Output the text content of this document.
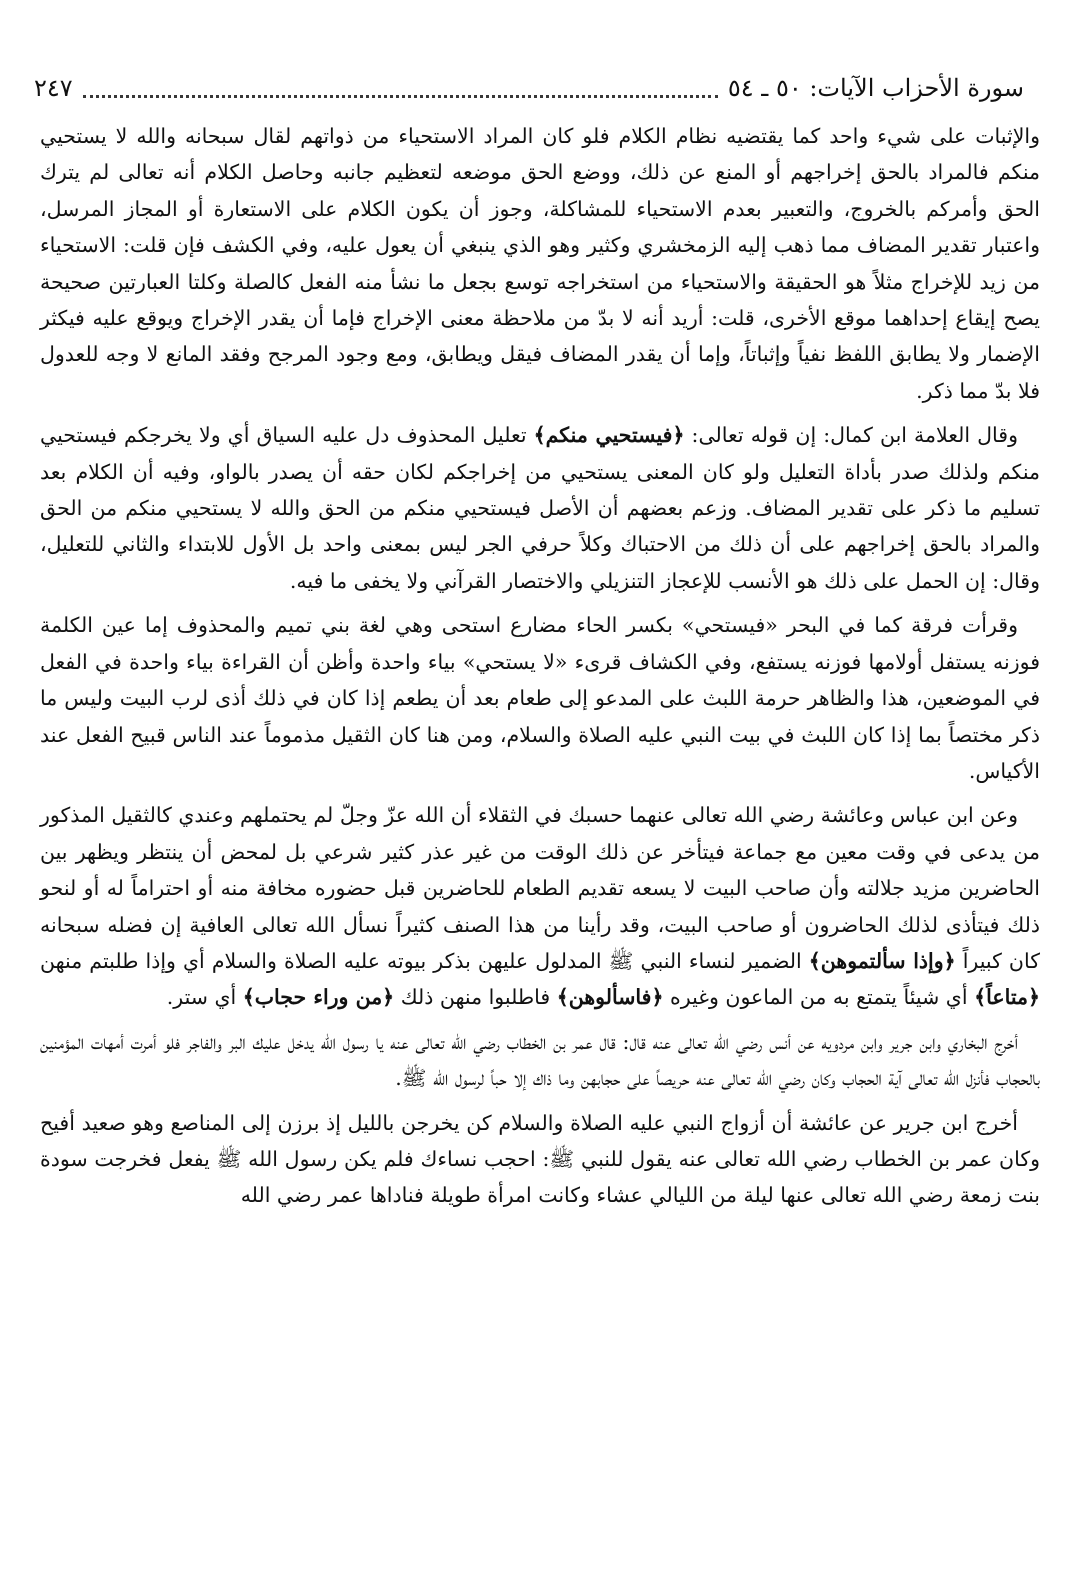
سورة الأحزاب الآيات: ٥٠ ـ ٥٤
٢٤٧

والإثبات على شيء واحد كما يقتضيه نظام الكلام فلو كان المراد الاستحياء من ذواتهم لقال سبحانه والله لا يستحيي منكم فالمراد بالحق إخراجهم أو المنع عن ذلك، ووضع الحق موضعه لتعظيم جانبه وحاصل الكلام أنه تعالى لم يترك الحق وأمركم بالخروج، والتعبير بعدم الاستحياء للمشاكلة، وجوز أن يكون الكلام على الاستعارة أو المجاز المرسل، واعتبار تقدير المضاف مما ذهب إليه الزمخشري وكثير وهو الذي ينبغي أن يعول عليه، وفي الكشف فإن قلت: الاستحياء من زيد للإخراج مثلاً هو الحقيقة والاستحياء من استخراجه توسع بجعل ما نشأ منه الفعل كالصلة وكلتا العبارتين صحيحة يصح إيقاع إحداهما موقع الأخرى، قلت: أريد أنه لا بدّ من ملاحظة معنى الإخراج فإما أن يقدر الإخراج ويوقع عليه فيكثر الإضمار ولا يطابق اللفظ نفياً وإثباتاً، وإما أن يقدر المضاف فيقل ويطابق، ومع وجود المرجح وفقد المانع لا وجه للعدول فلا بدّ مما ذكر.

وقال العلامة ابن كمال: إن قوله تعالى: ﴿فيستحيي منكم﴾ تعليل المحذوف دل عليه السياق أي ولا يخرجكم فيستحيي منكم ولذلك صدر بأداة التعليل ولو كان المعنى يستحيي من إخراجكم لكان حقه أن يصدر بالواو، وفيه أن الكلام بعد تسليم ما ذكر على تقدير المضاف. وزعم بعضهم أن الأصل فيستحيي منكم من الحق والله لا يستحيي منكم من الحق والمراد بالحق إخراجهم على أن ذلك من الاحتباك وكلاً حرفي الجر ليس بمعنى واحد بل الأول للابتداء والثاني للتعليل، وقال: إن الحمل على ذلك هو الأنسب للإعجاز التنزيلي والاختصار القرآني ولا يخفى ما فيه.

وقرأت فرقة كما في البحر «فيستحي» بكسر الحاء مضارع استحى وهي لغة بني تميم والمحذوف إما عين الكلمة فوزنه يستفل أولامها فوزنه يستفع، وفي الكشاف قرىء «لا يستحي» بياء واحدة وأظن أن القراءة بياء واحدة في الفعل في الموضعين، هذا والظاهر حرمة اللبث على المدعو إلى طعام بعد أن يطعم إذا كان في ذلك أذى لرب البيت وليس ما ذكر مختصاً بما إذا كان اللبث في بيت النبي عليه الصلاة والسلام، ومن هنا كان الثقيل مذموماً عند الناس قبيح الفعل عند الأكياس.

وعن ابن عباس وعائشة رضي الله تعالى عنهما حسبك في الثقلاء أن الله عزّ وجلّ لم يحتملهم وعندي كالثقيل المذكور من يدعى في وقت معين مع جماعة فيتأخر عن ذلك الوقت من غير عذر كثير شرعي بل لمحض أن ينتظر ويظهر بين الحاضرين مزيد جلالته وأن صاحب البيت لا يسعه تقديم الطعام للحاضرين قبل حضوره مخافة منه أو احتراماً له أو لنحو ذلك فيتأذى لذلك الحاضرون أو صاحب البيت، وقد رأينا من هذا الصنف كثيراً نسأل الله تعالى العافية إن فضله سبحانه كان كبيراً ﴿وإذا سألتموهن﴾ الضمير لنساء النبي ﷺ المدلول عليهن بذكر بيوته عليه الصلاة والسلام أي وإذا طلبتم منهن ﴿متاعاً﴾ أي شيئاً يتمتع به من الماعون وغيره ﴿فاسألوهن﴾ فاطلبوا منهن ذلك ﴿من وراء حجاب﴾ أي ستر.

أخرج البخاري وابن جرير وابن مردويه عن أنس رضي الله تعالى عنه قال: قال عمر بن الخطاب رضي الله تعالى عنه يا رسول الله يدخل عليك البر والفاجر فلو أمرت أمهات المؤمنين بالحجاب فأنزل الله تعالى آية الحجاب وكان رضي الله تعالى عنه حريصاً على حجابهن وما ذاك إلا حباً لرسول الله ﷺ.

أخرج ابن جرير عن عائشة أن أزواج النبي عليه الصلاة والسلام كن يخرجن بالليل إذ برزن إلى المناصع وهو صعيد أفيح وكان عمر بن الخطاب رضي الله تعالى عنه يقول للنبي ﷺ: احجب نساءك فلم يكن رسول الله ﷺ يفعل فخرجت سودة بنت زمعة رضي الله تعالى عنها ليلة من الليالي عشاء وكانت امرأة طويلة فناداها عمر رضي الله
